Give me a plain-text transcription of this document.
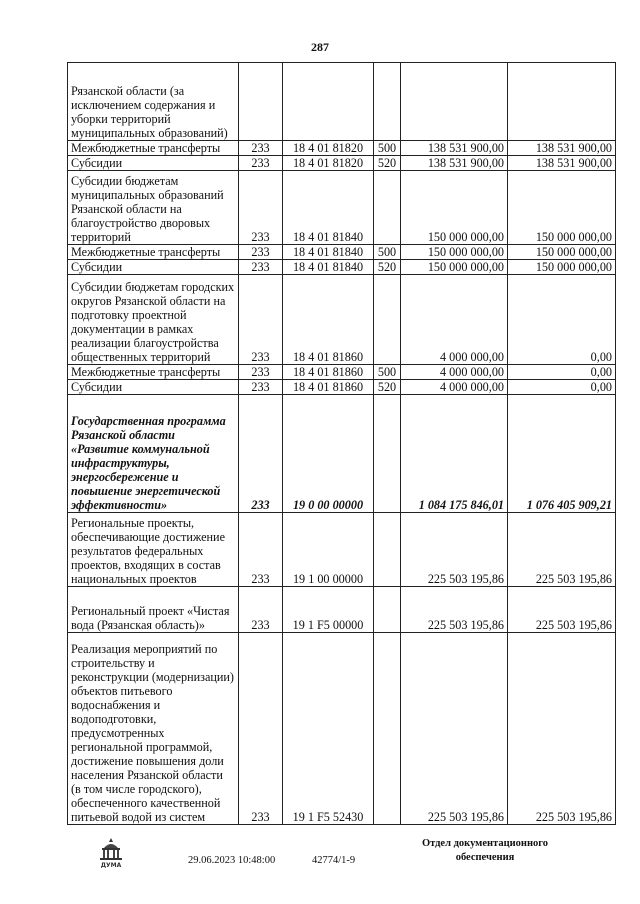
287
Рязанской области (за исключением содержания и уборки территорий муниципальных образований)					
Межбюджетные трансферты	233	18 4 01 81820	500	138 531 900,00	138 531 900,00
Субсидии	233	18 4 01 81820	520	138 531 900,00	138 531 900,00
Субсидии бюджетам муниципальных образований Рязанской области на благоустройство дворовых территорий	233	18 4 01 81840		150 000 000,00	150 000 000,00
Межбюджетные трансферты	233	18 4 01 81840	500	150 000 000,00	150 000 000,00
Субсидии	233	18 4 01 81840	520	150 000 000,00	150 000 000,00
Субсидии бюджетам городских округов Рязанской области на подготовку проектной документации в рамках реализации благоустройства общественных территорий	233	18 4 01 81860		4 000 000,00	0,00
Межбюджетные трансферты	233	18 4 01 81860	500	4 000 000,00	0,00
Субсидии	233	18 4 01 81860	520	4 000 000,00	0,00
Государственная программа Рязанской области «Развитие коммунальной инфраструктуры, энергосбережение и повышение энергетической эффективности»	233	19 0 00 00000		1 084 175 846,01	1 076 405 909,21
Региональные проекты, обеспечивающие достижение результатов федеральных проектов, входящих в состав национальных проектов	233	19 1 00 00000		225 503 195,86	225 503 195,86
Региональный проект «Чистая вода (Рязанская область)»	233	19 1 F5 00000		225 503 195,86	225 503 195,86
Реализация мероприятий по строительству и реконструкции (модернизации) объектов питьевого водоснабжения и водоподготовки, предусмотренных региональной программой, достижение повышения доли населения Рязанской области (в том числе городского), обеспеченного качественной питьевой водой из систем	233	19 1 F5 52430		225 503 195,86	225 503 195,86
ДУМА	29.06.2023 10:48:00	42774/1-9
Отдел документационного
обеспечения
